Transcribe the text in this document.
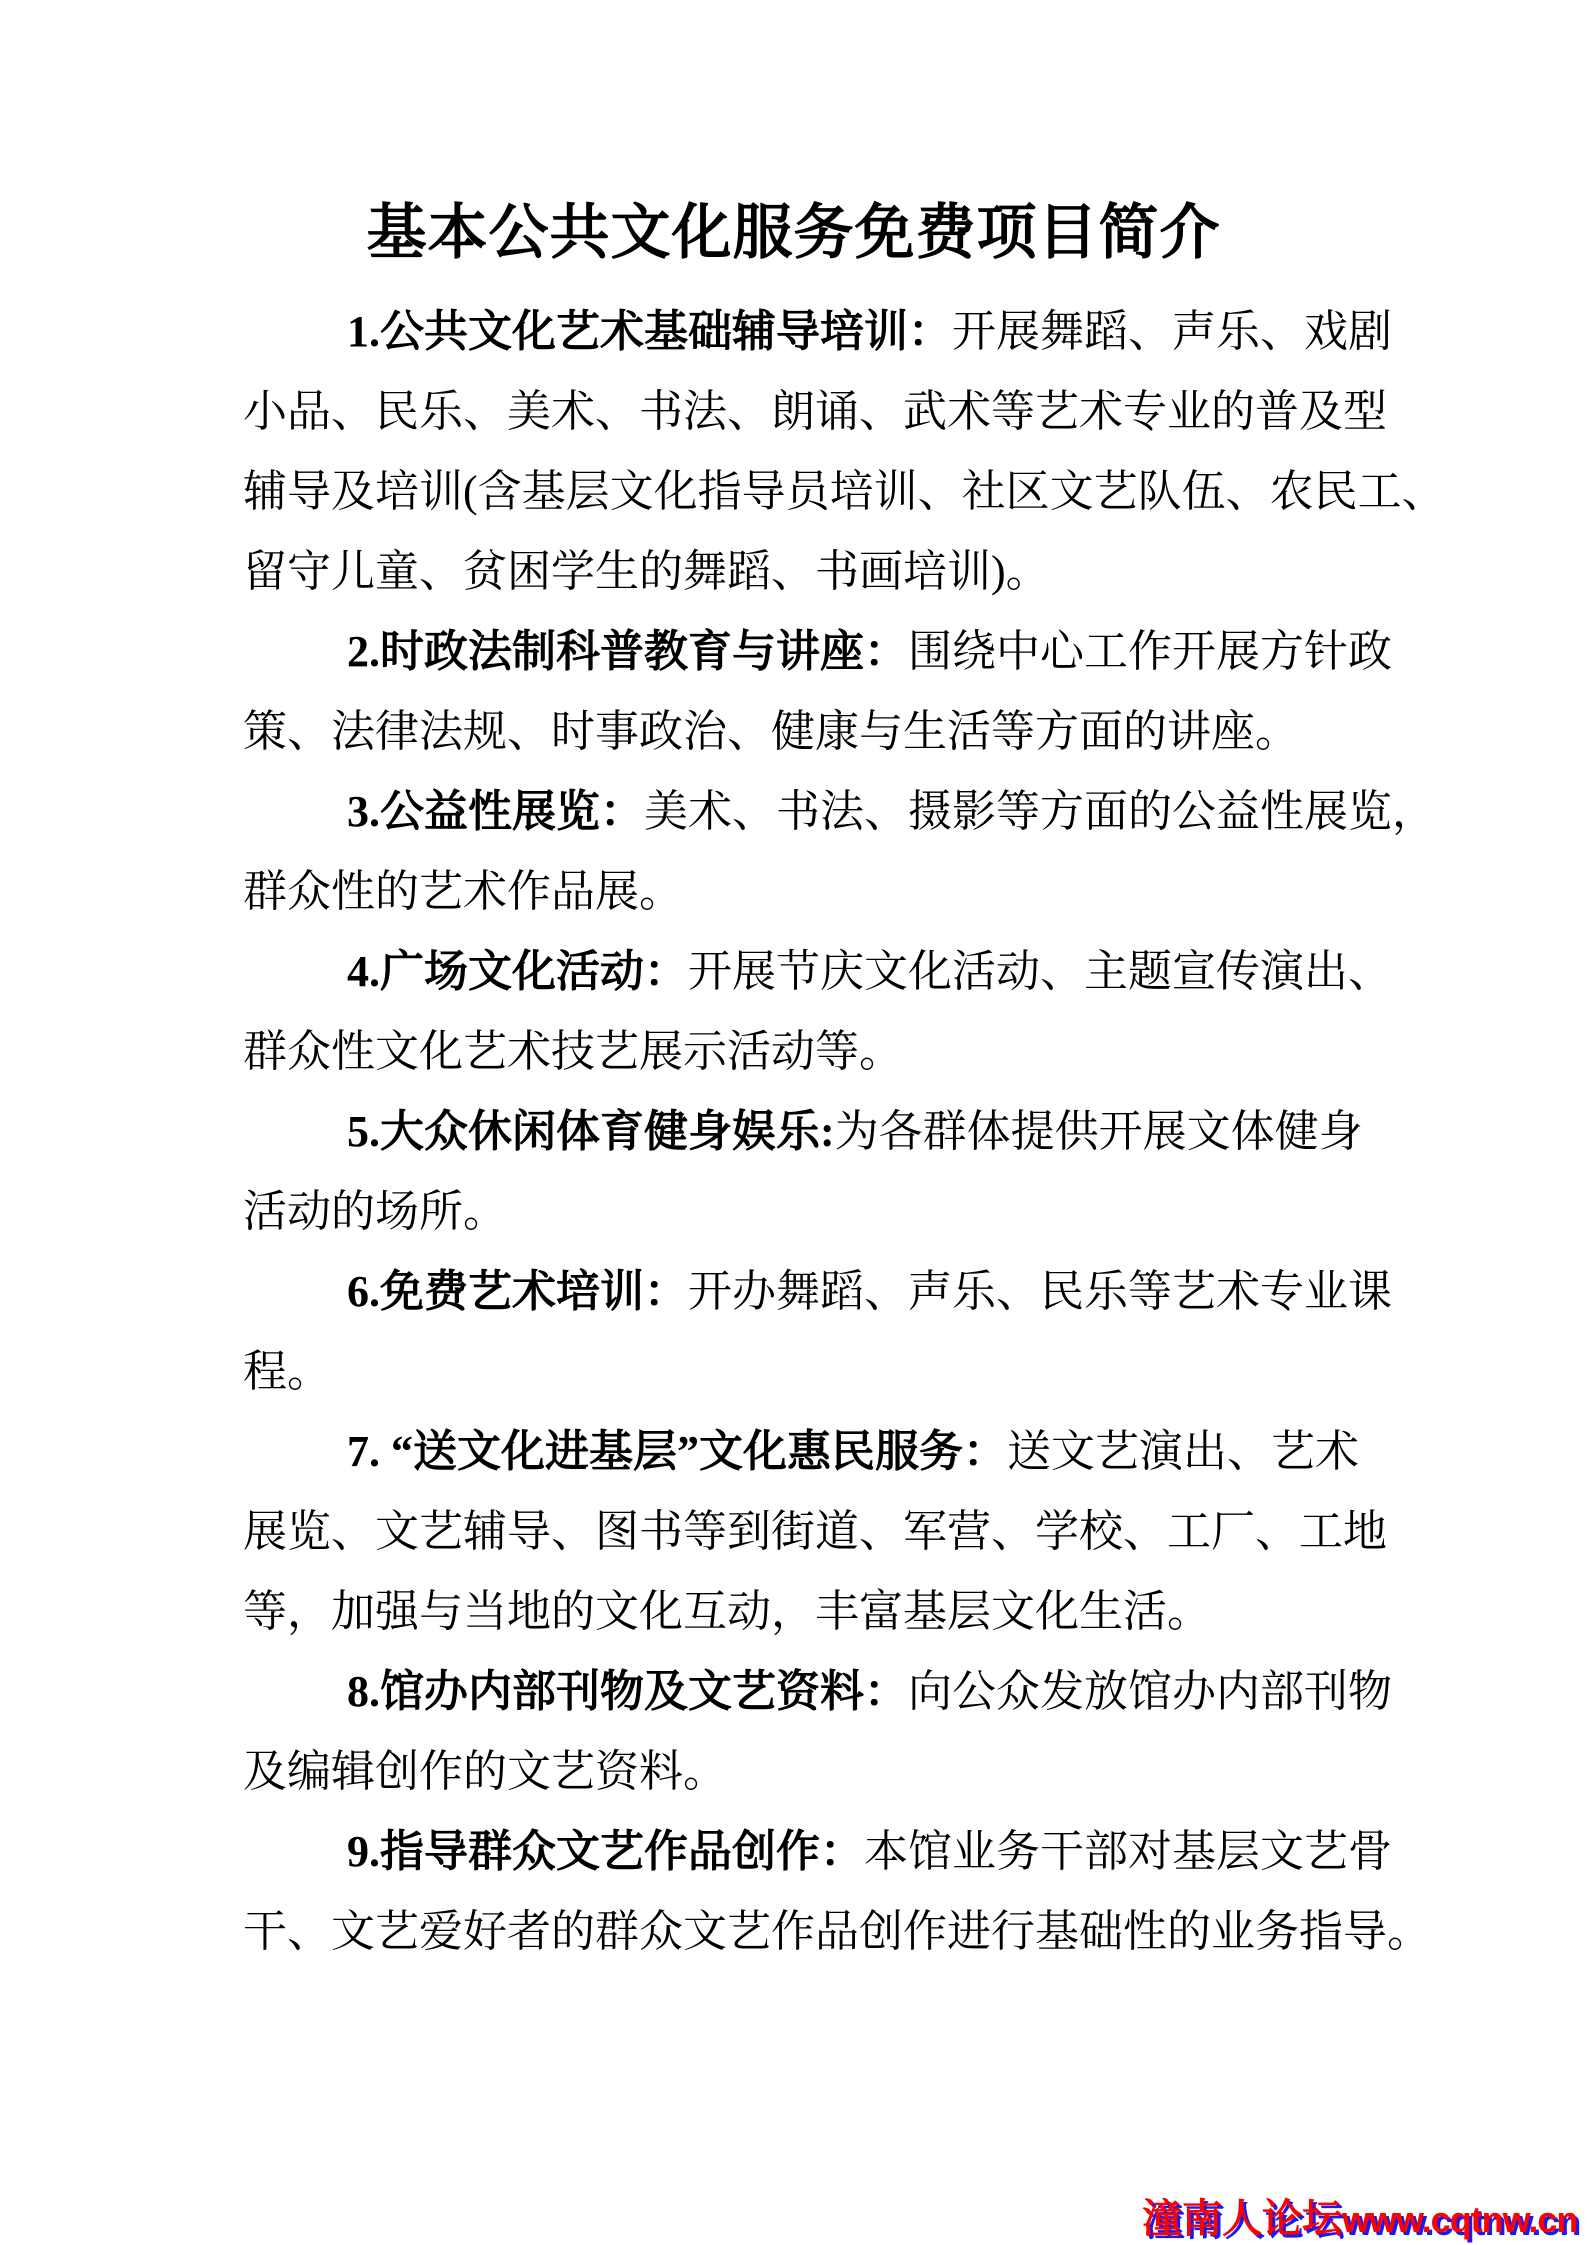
基本公共文化服务免费项目简介
1.公共文化艺术基础辅导培训：开展舞蹈、声乐、戏剧
小品、民乐、美术、书法、朗诵、武术等艺术专业的普及型
辅导及培训(含基层文化指导员培训、社区文艺队伍、农民工、
留守儿童、贫困学生的舞蹈、书画培训)。
2.时政法制科普教育与讲座：围绕中心工作开展方针政
策、法律法规、时事政治、健康与生活等方面的讲座。
3.公益性展览：美术、书法、摄影等方面的公益性展览，
群众性的艺术作品展。
4.广场文化活动：开展节庆文化活动、主题宣传演出、
群众性文化艺术技艺展示活动等。
5.大众休闲体育健身娱乐:为各群体提供开展文体健身
活动的场所。
6.免费艺术培训：开办舞蹈、声乐、民乐等艺术专业课
程。
7. “送文化进基层”文化惠民服务：送文艺演出、艺术
展览、文艺辅导、图书等到街道、军营、学校、工厂、工地
等，加强与当地的文化互动，丰富基层文化生活。
8.馆办内部刊物及文艺资料：向公众发放馆办内部刊物
及编辑创作的文艺资料。
9.指导群众文艺作品创作：本馆业务干部对基层文艺骨
干、文艺爱好者的群众文艺作品创作进行基础性的业务指导。
潼南人论坛www.cqtnw.cn
